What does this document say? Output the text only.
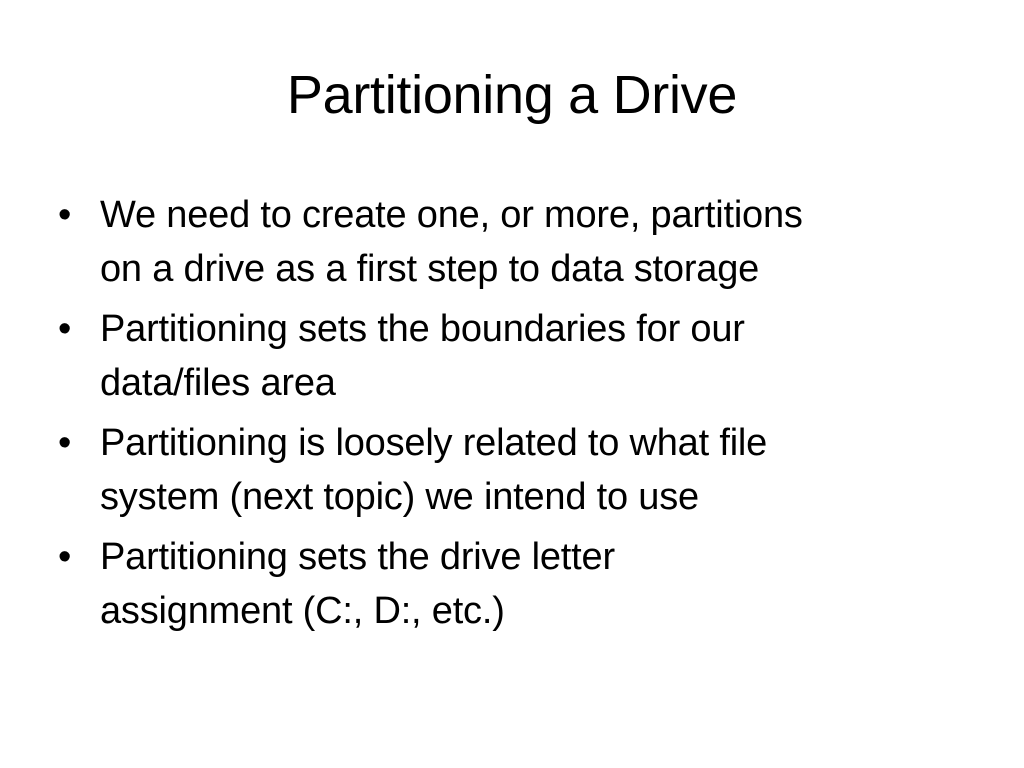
Partitioning a Drive
• We need to create one, or more, partitions
on a drive as a first step to data storage
• Partitioning sets the boundaries for our
data/files area
• Partitioning is loosely related to what file
system (next topic) we intend to use
• Partitioning sets the drive letter
assignment (C:, D:, etc.)
